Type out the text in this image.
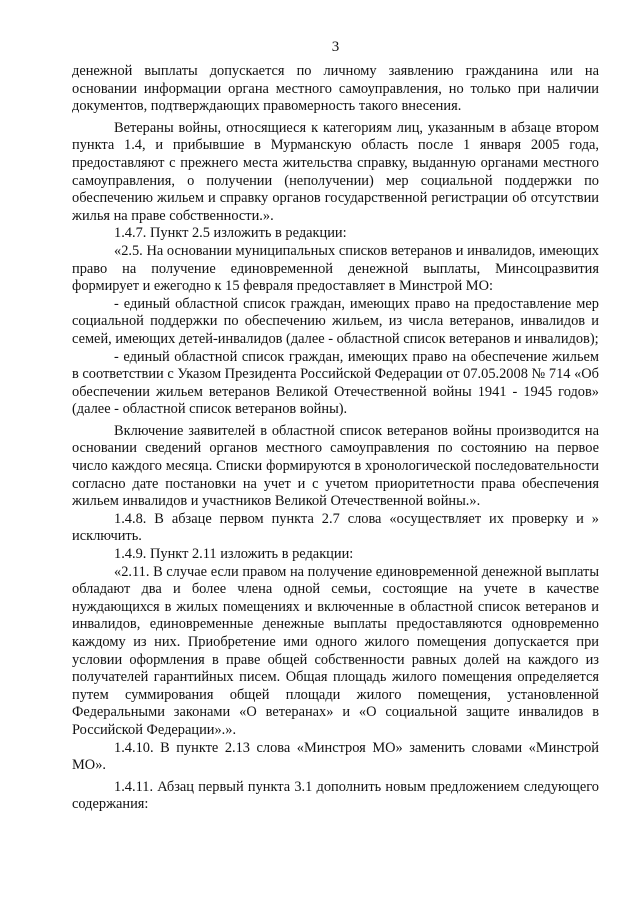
3

денежной выплаты допускается по личному заявлению гражданина или на основании информации органа местного самоуправления, но только при наличии документов, подтверждающих правомерность такого внесения.

Ветераны войны, относящиеся к категориям лиц, указанным в абзаце втором пункта 1.4, и прибывшие в Мурманскую область после 1 января 2005 года, предоставляют с прежнего места жительства справку, выданную органами местного самоуправления, о получении (неполучении) мер социальной поддержки по обеспечению жильем и справку органов государственной регистрации об отсутствии жилья на праве собственности.».

1.4.7. Пункт 2.5 изложить в редакции:

«2.5. На основании муниципальных списков ветеранов и инвалидов, имеющих право на получение единовременной денежной выплаты, Минсоцразвития формирует и ежегодно к 15 февраля предоставляет в Минстрой МО:

- единый областной список граждан, имеющих право на предоставление мер социальной поддержки по обеспечению жильем, из числа ветеранов, инвалидов и семей, имеющих детей-инвалидов (далее - областной список ветеранов и инвалидов);

- единый областной список граждан, имеющих право на обеспечение жильем в соответствии с Указом Президента Российской Федерации от 07.05.2008 № 714 «Об обеспечении жильем ветеранов Великой Отечественной войны 1941 - 1945 годов» (далее - областной список ветеранов войны).

Включение заявителей в областной список ветеранов войны производится на основании сведений органов местного самоуправления по состоянию на первое число каждого месяца. Списки формируются в хронологической последовательности согласно дате постановки на учет и с учетом приоритетности права обеспечения жильем инвалидов и участников Великой Отечественной войны.».

1.4.8. В абзаце первом пункта 2.7 слова «осуществляет их проверку и » исключить.

1.4.9. Пункт 2.11 изложить в редакции:

«2.11. В случае если правом на получение единовременной денежной выплаты обладают два и более члена одной семьи, состоящие на учете в качестве нуждающихся в жилых помещениях и включенные в областной список ветеранов и инвалидов, единовременные денежные выплаты предоставляются одновременно каждому из них. Приобретение ими одного жилого помещения допускается при условии оформления в праве общей собственности равных долей на каждого из получателей гарантийных писем. Общая площадь жилого помещения определяется путем суммирования общей площади жилого помещения, установленной Федеральными законами «О ветеранах» и «О социальной защите инвалидов в Российской Федерации».».

1.4.10. В пункте 2.13 слова «Минстроя МО» заменить словами «Минстрой МО».

1.4.11. Абзац первый пункта 3.1 дополнить новым предложением следующего содержания:
